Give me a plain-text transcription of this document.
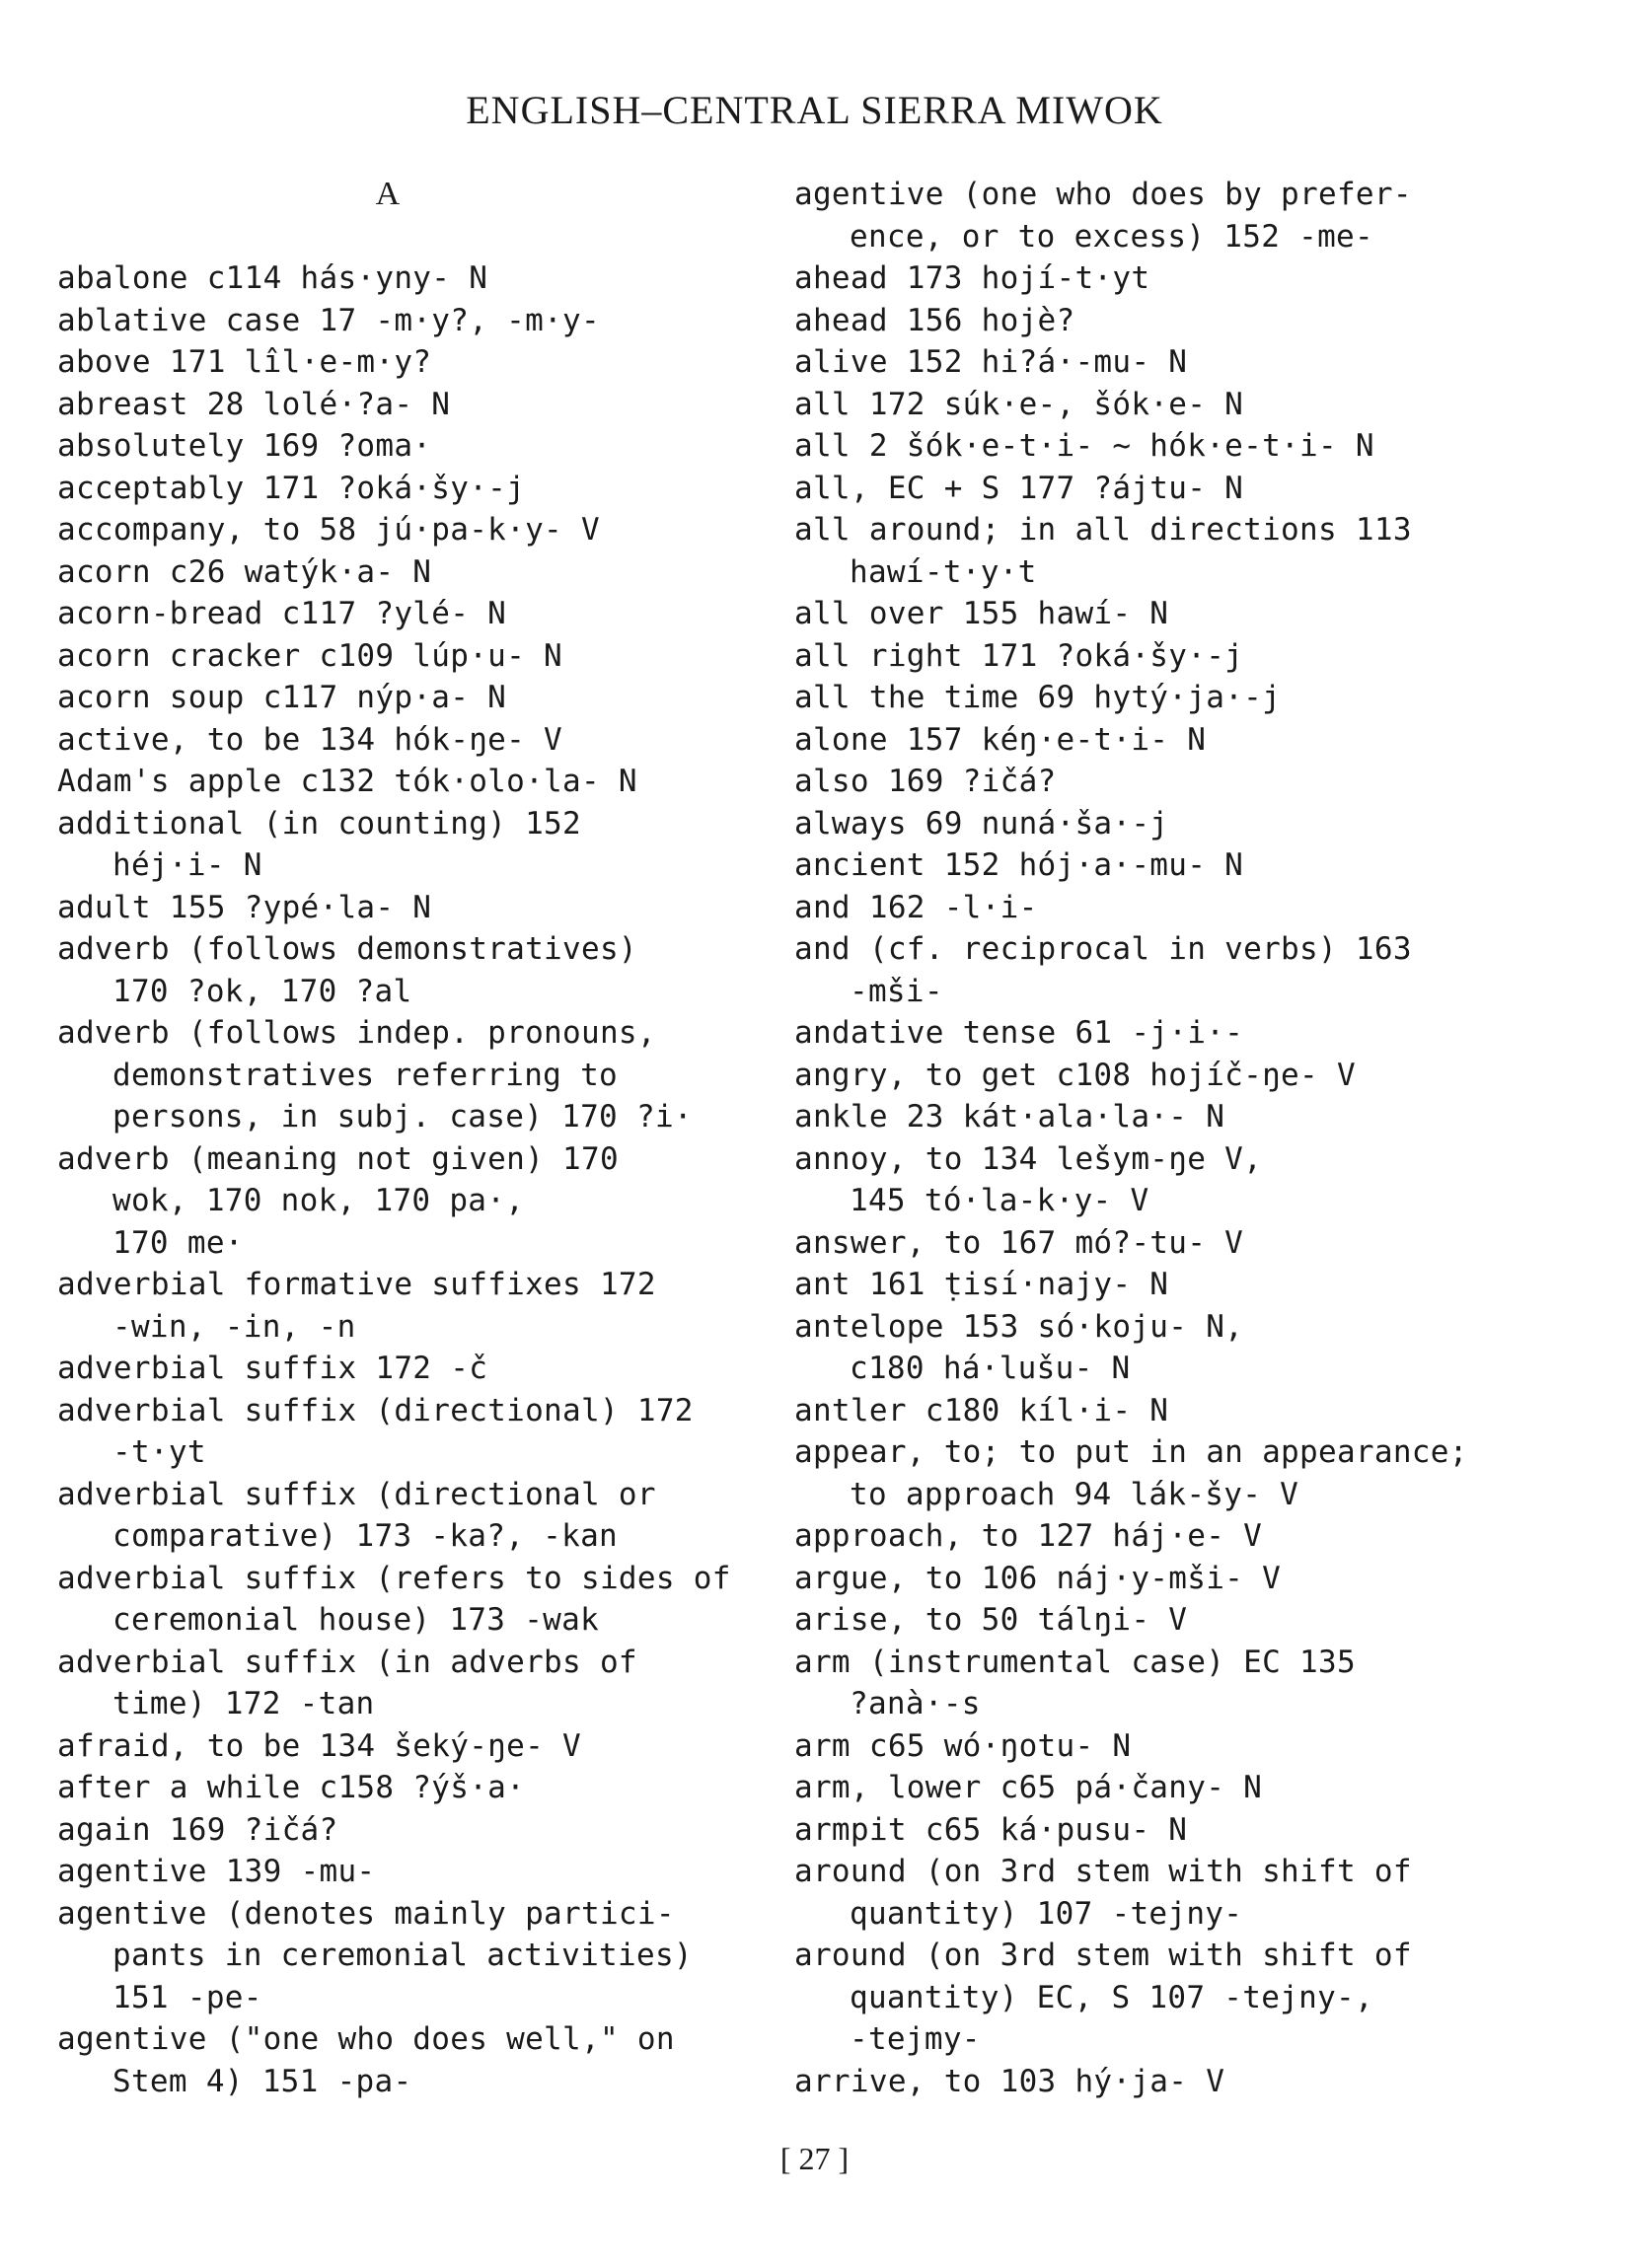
ENGLISH–CENTRAL SIERRA MIWOK
A
abalone c114 hás·yny- N
ablative case 17 -m·y?, -m·y-
above 171 lîl·e-m·y?
abreast 28 lolé·?a- N
absolutely 169 ?oma·
acceptably 171 ?oká·šy·-j
accompany, to 58 jú·pa-k·y- V
acorn c26 watýk·a- N
acorn-bread c117 ?ylé- N
acorn cracker c109 lúp·u- N
acorn soup c117 nýp·a- N
active, to be 134 hók-ŋe- V
Adam's apple c132 tók·olo·la- N
additional (in counting) 152
héj·i- N
adult 155 ?ypé·la- N
adverb (follows demonstratives)
170 ?ok, 170 ?al
adverb (follows indep. pronouns,
demonstratives referring to
persons, in subj. case) 170 ?i·
adverb (meaning not given) 170
wok, 170 nok, 170 pa·,
170 me·
adverbial formative suffixes 172
-win, -in, -n
adverbial suffix 172 -č
adverbial suffix (directional) 172
-t·yt
adverbial suffix (directional or
comparative) 173 -ka?, -kan
adverbial suffix (refers to sides of
ceremonial house) 173 -wak
adverbial suffix (in adverbs of
time) 172 -tan
afraid, to be 134 šeký-ŋe- V
after a while c158 ?ýš·a·
again 169 ?ičá?
agentive 139 -mu-
agentive (denotes mainly partici-
pants in ceremonial activities)
151 -pe-
agentive ("one who does well," on
Stem 4) 151 -pa-
agentive (one who does by prefer-
ence, or to excess) 152 -me-
ahead 173 hojí-t·yt
ahead 156 hojè?
alive 152 hi?á·-mu- N
all 172 súk·e-, šók·e- N
all 2 šók·e-t·i- ~ hók·e-t·i- N
all, EC + S 177 ?ájtu- N
all around; in all directions 113
hawí-t·y·t
all over 155 hawí- N
all right 171 ?oká·šy·-j
all the time 69 hytý·ja·-j
alone 157 kéŋ·e-t·i- N
also 169 ?ičá?
always 69 nuná·ša·-j
ancient 152 hój·a·-mu- N
and 162 -l·i-
and (cf. reciprocal in verbs) 163
-mši-
andative tense 61 -j·i·-
angry, to get c108 hojíč-ŋe- V
ankle 23 kát·ala·la·- N
annoy, to 134 lešym-ŋe V,
145 tó·la-k·y- V
answer, to 167 mó?-tu- V
ant 161 ṭisí·najy- N
antelope 153 só·koju- N,
c180 há·lušu- N
antler c180 kíl·i- N
appear, to; to put in an appearance;
to approach 94 lák-šy- V
approach, to 127 háj·e- V
argue, to 106 náj·y-mši- V
arise, to 50 tálŋi- V
arm (instrumental case) EC 135
?anà·-s
arm c65 wó·ŋotu- N
arm, lower c65 pá·čany- N
armpit c65 ká·pusu- N
around (on 3rd stem with shift of
quantity) 107 -tejny-
around (on 3rd stem with shift of
quantity) EC, S 107 -tejny-,
-tejmy-
arrive, to 103 hý·ja- V
[ 27 ]
